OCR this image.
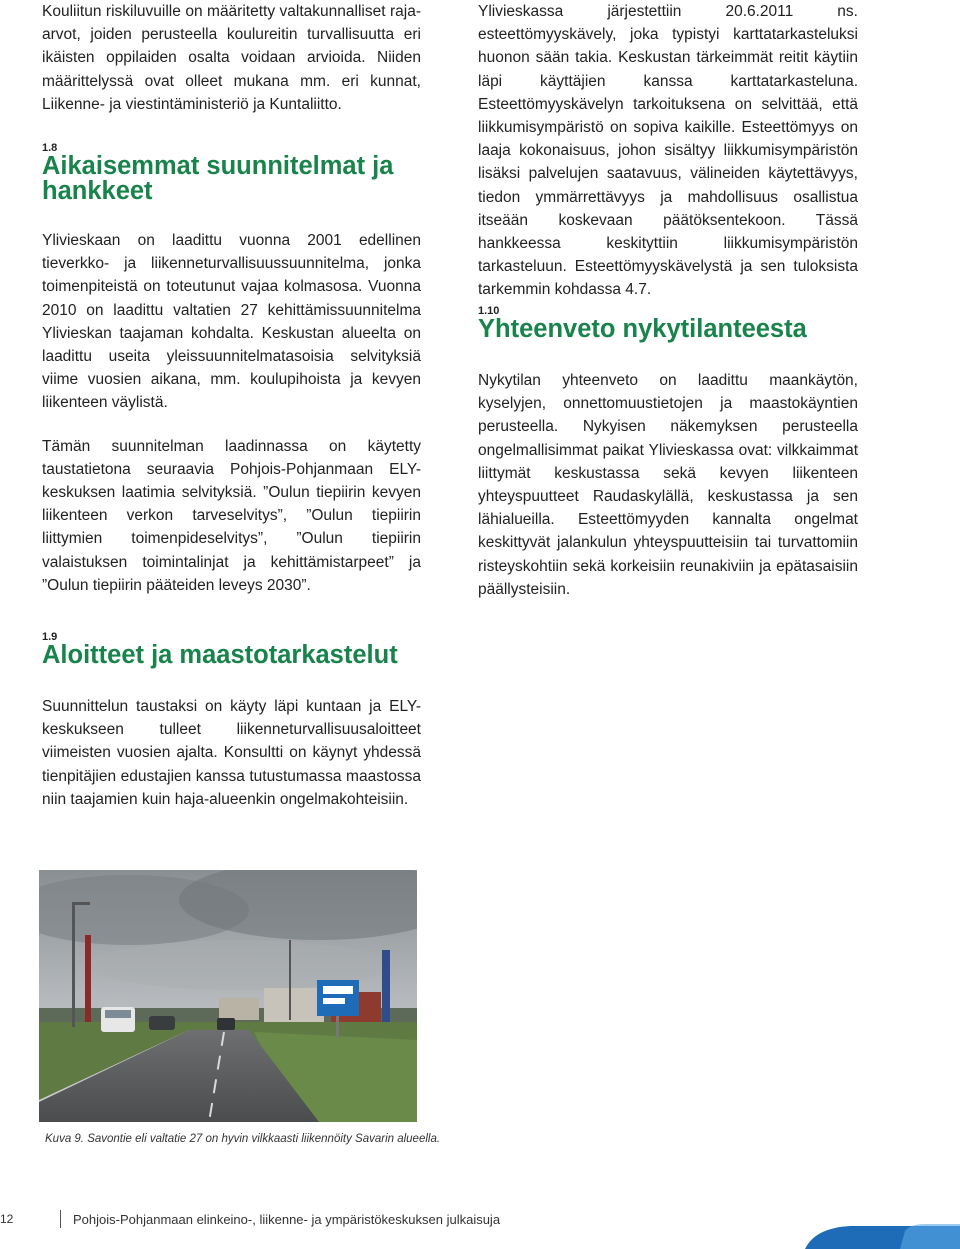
Kouliitun riskiluvuille on määritetty valtakunnalliset raja-arvot, joiden perusteella koulureitin turvallisuutta eri ikäisten oppilaiden osalta voidaan arvioida. Niiden määrittelyssä ovat olleet mukana mm. eri kunnat, Liikenne- ja viestintäministeriö ja Kuntaliitto.

1.8
Aikaisemmat suunnitelmat ja
hankkeet

Ylivieskaan on laadittu vuonna 2001 edellinen tieverkko- ja liikenneturvallisuussuunnitelma, jonka toimenpiteistä on toteutunut vajaa kolmasosa. Vuonna 2010 on laadittu valtatien 27 kehittämissuunnitelma Ylivieskan taajaman kohdalta. Keskustan alueelta on laadittu useita yleissuunnitelmatasoisia selvityksiä viime vuosien aikana, mm. koulupihoista ja kevyen liikenteen väylistä.

Tämän suunnitelman laadinnassa on käytetty taustatietona seuraavia Pohjois-Pohjanmaan ELY-keskuksen laatimia selvityksiä. ”Oulun tiepiirin kevyen liikenteen verkon tarveselvitys”, ”Oulun tiepiirin liittymien toimenpideselvitys”, ”Oulun tiepiirin valaistuksen toimintalinjat ja kehittämistarpeet” ja ”Oulun tiepiirin pääteiden leveys 2030”.

1.9
Aloitteet ja maastotarkastelut

Suunnittelun taustaksi on käyty läpi kuntaan ja ELY-keskukseen tulleet liikenneturvallisuusaloitteet viimeisten vuosien ajalta. Konsultti on käynyt yhdessä tienpitäjien edustajien kanssa tutustumassa maastossa niin taajamien kuin haja-alueenkin ongelmakohteisiin.

Kuva 9. Savontie eli valtatie 27 on hyvin vilkkaasti liikennöity Savarin alueella.

Ylivieskassa järjestettiin 20.6.2011 ns. esteettömyyskävely, joka typistyi karttatarkasteluksi huonon sään takia. Keskustan tärkeimmät reitit käytiin läpi käyttäjien kanssa karttatarkasteluna. Esteettömyyskävelyn tarkoituksena on selvittää, että liikkumisympäristö on sopiva kaikille. Esteettömyys on laaja kokonaisuus, johon sisältyy liikkumisympäristön lisäksi palvelujen saatavuus, välineiden käytettävyys, tiedon ymmärrettävyys ja mahdollisuus osallistua itseään koskevaan päätöksentekoon. Tässä hankkeessa keskityttiin liikkumisympäristön tarkasteluun. Esteettömyyskävelystä ja sen tuloksista tarkemmin kohdassa 4.7.

1.10
Yhteenveto nykytilanteesta

Nykytilan yhteenveto on laadittu maankäytön, kyselyjen, onnettomuustietojen ja maastokäyntien perusteella. Nykyisen näkemyksen perusteella ongelmallisimmat paikat Ylivieskassa ovat: vilkkaimmat liittymät keskustassa sekä kevyen liikenteen yhteyspuutteet Raudaskylällä, keskustassa ja sen lähialueilla. Esteettömyyden kannalta ongelmat keskittyvät jalankulun yhteyspuutteisiin tai turvattomiin risteyskohtiin sekä korkeisiin reunakiviin ja epätasaisiin päällysteisiin.

12	Pohjois-Pohjanmaan elinkeino-, liikenne- ja ympäristökeskuksen julkaisuja
